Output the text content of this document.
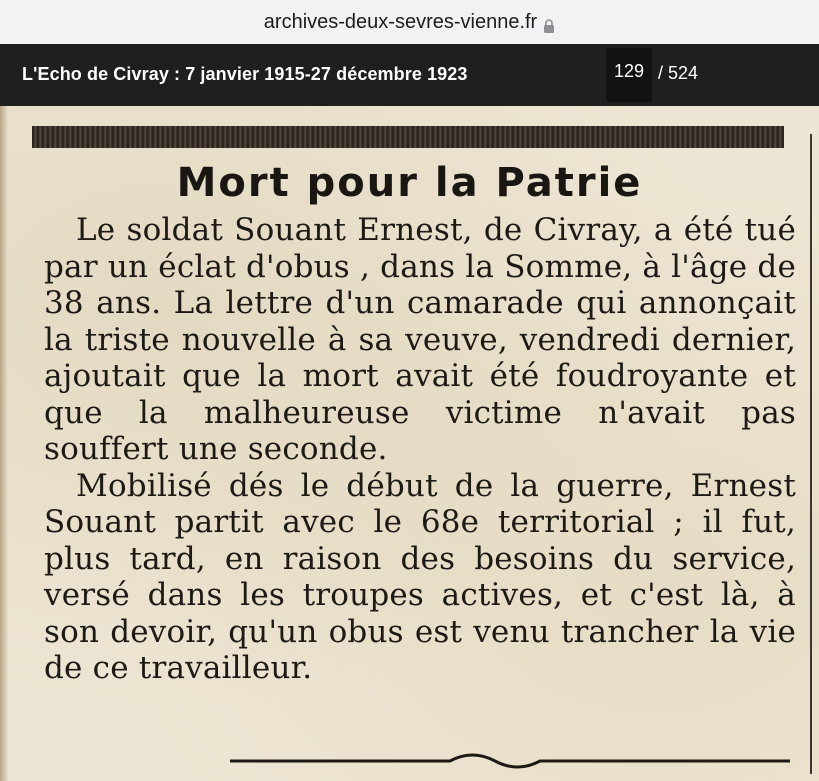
archives-deux-sevres-vienne.fr
L'Echo de Civray : 7 janvier 1915-27 décembre 1923	129 / 524
Mort pour la Patrie

Le soldat Souant Ernest, de Civray, a été tué par un éclat d'obus , dans la Somme, à l'âge de 38 ans. La lettre d'un camarade qui annonçait la triste nouvelle à sa veuve, vendredi dernier, ajoutait que la mort avait été foudroyante et que la malheureuse victime n'avait pas souffert une seconde.

Mobilisé dés le début de la guerre, Ernest Souant partit avec le 68e territorial ; il fut, plus tard, en raison des besoins du service, versé dans les troupes actives, et c'est là, à son devoir, qu'un obus est venu trancher la vie de ce travailleur.
